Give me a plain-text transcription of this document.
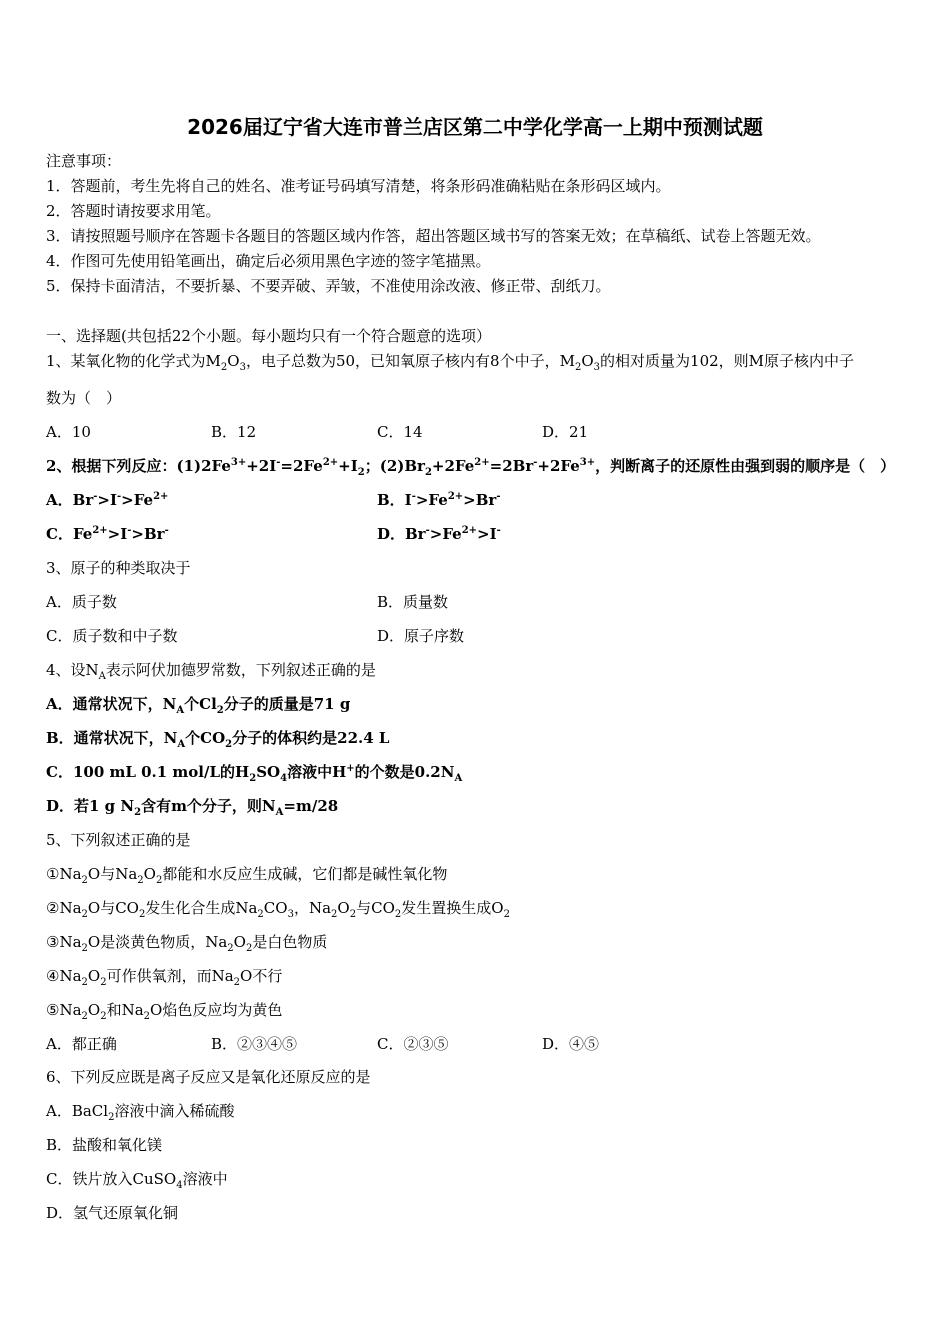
2026届辽宁省大连市普兰店区第二中学化学高一上期中预测试题
注意事项：
1．答题前，考生先将自己的姓名、准考证号码填写清楚，将条形码准确粘贴在条形码区域内。
2．答题时请按要求用笔。
3．请按照题号顺序在答题卡各题目的答题区域内作答，超出答题区域书写的答案无效；在草稿纸、试卷上答题无效。
4．作图可先使用铅笔画出，确定后必须用黑色字迹的签字笔描黑。
5．保持卡面清洁，不要折暴、不要弄破、弄皱，不准使用涂改液、修正带、刮纸刀。
一、选择题(共包括22个小题。每小题均只有一个符合题意的选项）
1、某氧化物的化学式为$M_2O_3$，电子总数为50，已知氧原子核内有8个中子，$M_2O_3$的相对质量为102，则M原子核内中子
数为（　）
A．10	B．12	C．14	D．21
2、根据下列反应：$(1)2Fe^{3+}+2I^-=2Fe^{2+}+I_2$；$(2)Br_2+2Fe^{2+}=2Br^-+2Fe^{3+}$，判断离子的还原性由强到弱的顺序是（　）
A．$Br^->I^->Fe^{2+}$	B．$I^->Fe^{2+}>Br^-$
C．$Fe^{2+}>I^->Br^-$	D．$Br^->Fe^{2+}>I^-$
3、原子的种类取决于
A．质子数	B．质量数
C．质子数和中子数	D．原子序数
4、设$N_A$表示阿伏加德罗常数，下列叙述正确的是
A．通常状况下，$N_A$个$Cl_2$分子的质量是71 g
B．通常状况下，$N_A$个$CO_2$分子的体积约是22.4 L
C．100 mL 0.1 mol/L的$H_2SO_4$溶液中H+的个数是$0.2N_A$
D．若1 g $N_2$含有m个分子，则$N_A=m/28$
5、下列叙述正确的是
$①Na_2O$与$Na_2O_2$都能和水反应生成碱，它们都是碱性氧化物
$②Na_2O$与$CO_2$发生化合生成$Na_2CO_3$，$Na_2O_2$与$CO_2$发生置换生成$O_2$
$③Na_2O$是淡黄色物质，$Na_2O_2$是白色物质
$④Na_2O_2$可作供氧剂，而$Na_2O$不行
$⑤Na_2O_2$和$Na_2O$焰色反应均为黄色
A．都正确	B．②③④⑤	C．②③⑤	D．④⑤
6、下列反应既是离子反应又是氧化还原反应的是
A．BaCl$_2$溶液中滴入稀硫酸
B．盐酸和氧化镁
C．铁片放入CuSO$_4$溶液中
D．氢气还原氧化铜
